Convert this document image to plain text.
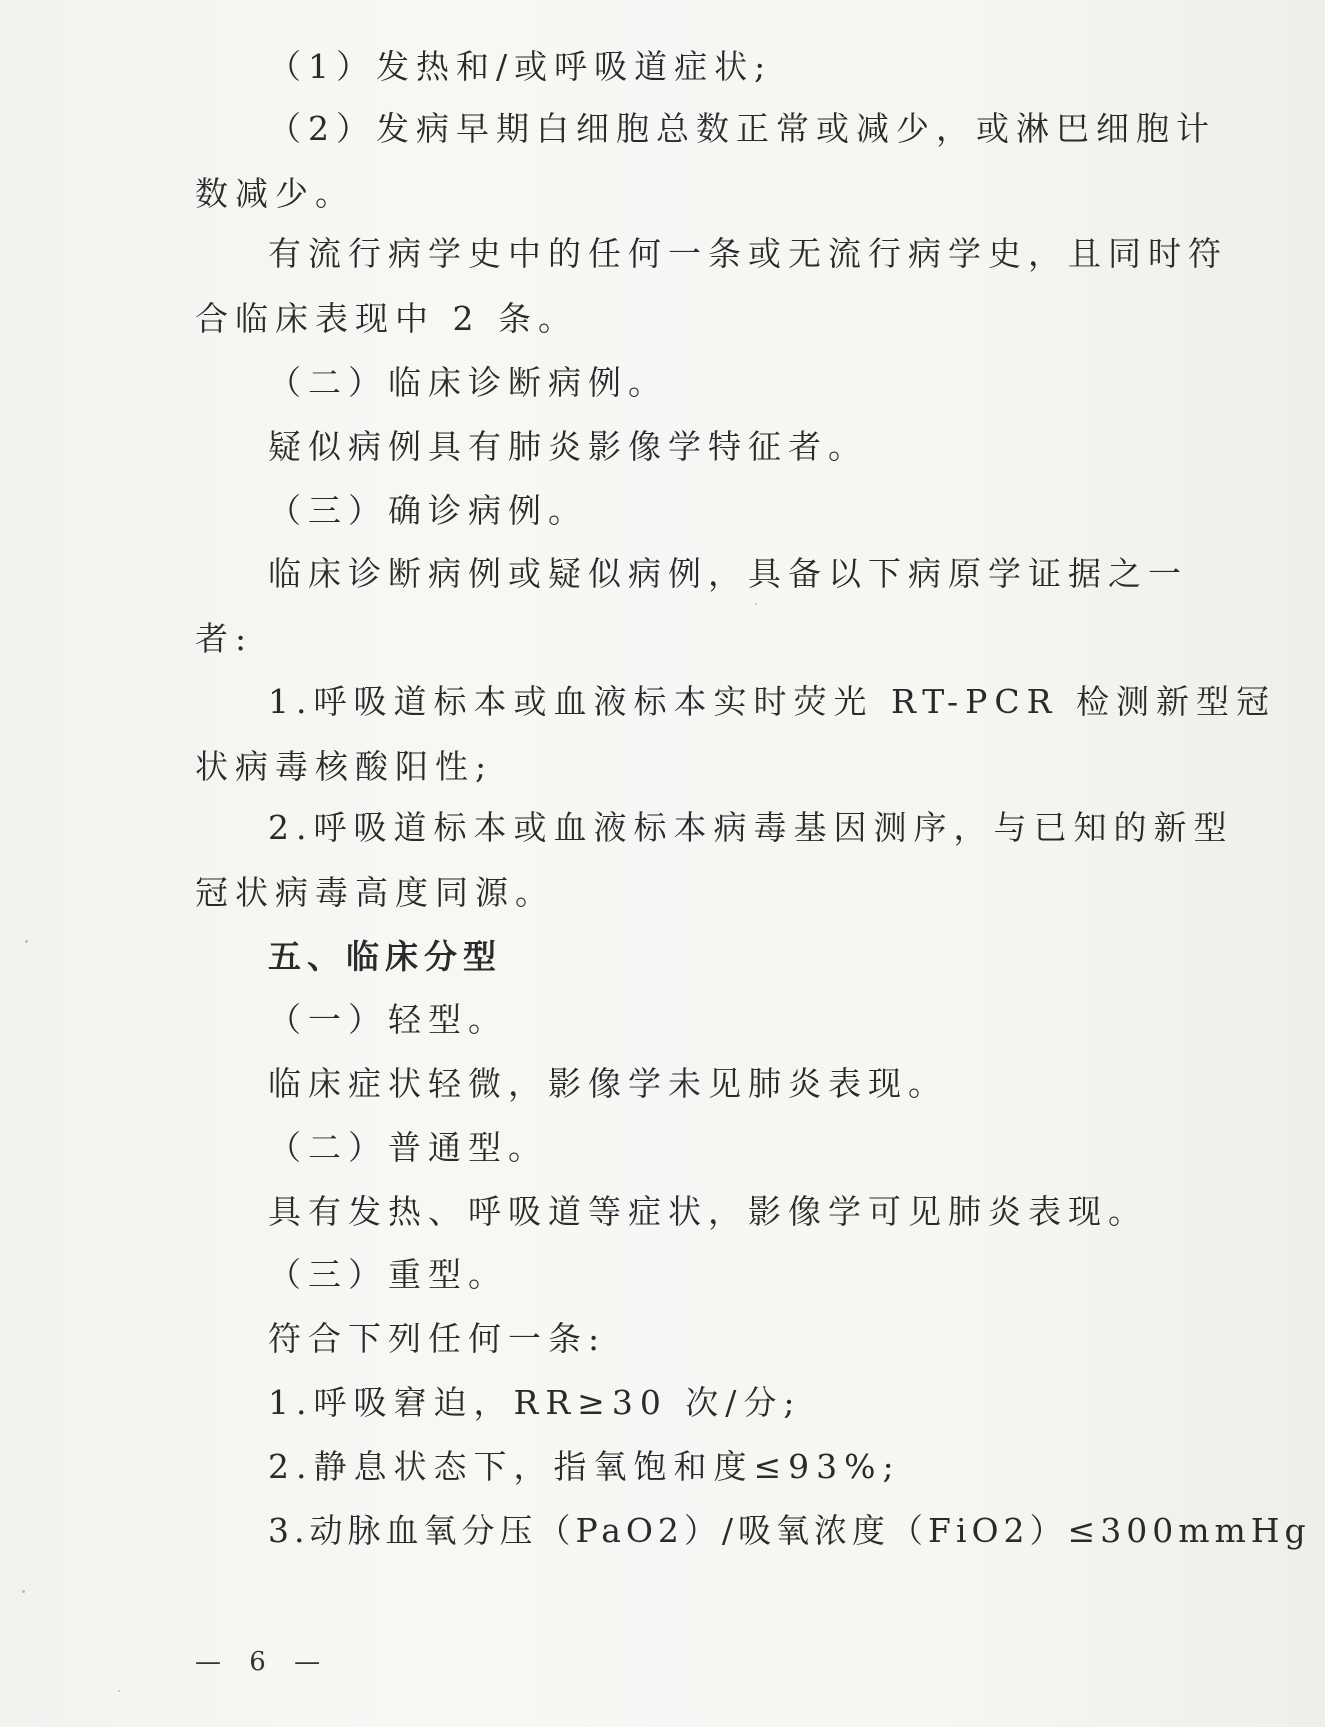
（1）发热和/或呼吸道症状;
（2）发病早期白细胞总数正常或减少，或淋巴细胞计
数减少。
有流行病学史中的任何一条或无流行病学史，且同时符
合临床表现中 2 条。
（二）临床诊断病例。
疑似病例具有肺炎影像学特征者。
（三）确诊病例。
临床诊断病例或疑似病例，具备以下病原学证据之一
者:
1.呼吸道标本或血液标本实时荧光 RT-PCR 检测新型冠
状病毒核酸阳性;
2.呼吸道标本或血液标本病毒基因测序，与已知的新型
冠状病毒高度同源。
五、临床分型
（一）轻型。
临床症状轻微，影像学未见肺炎表现。
（二）普通型。
具有发热、呼吸道等症状，影像学可见肺炎表现。
（三）重型。
符合下列任何一条:
1.呼吸窘迫，RR≥30 次/分;
2.静息状态下，指氧饱和度≤93%;
3.动脉血氧分压（PaO2）/吸氧浓度（FiO2）≤300mmHg
— 6 —
